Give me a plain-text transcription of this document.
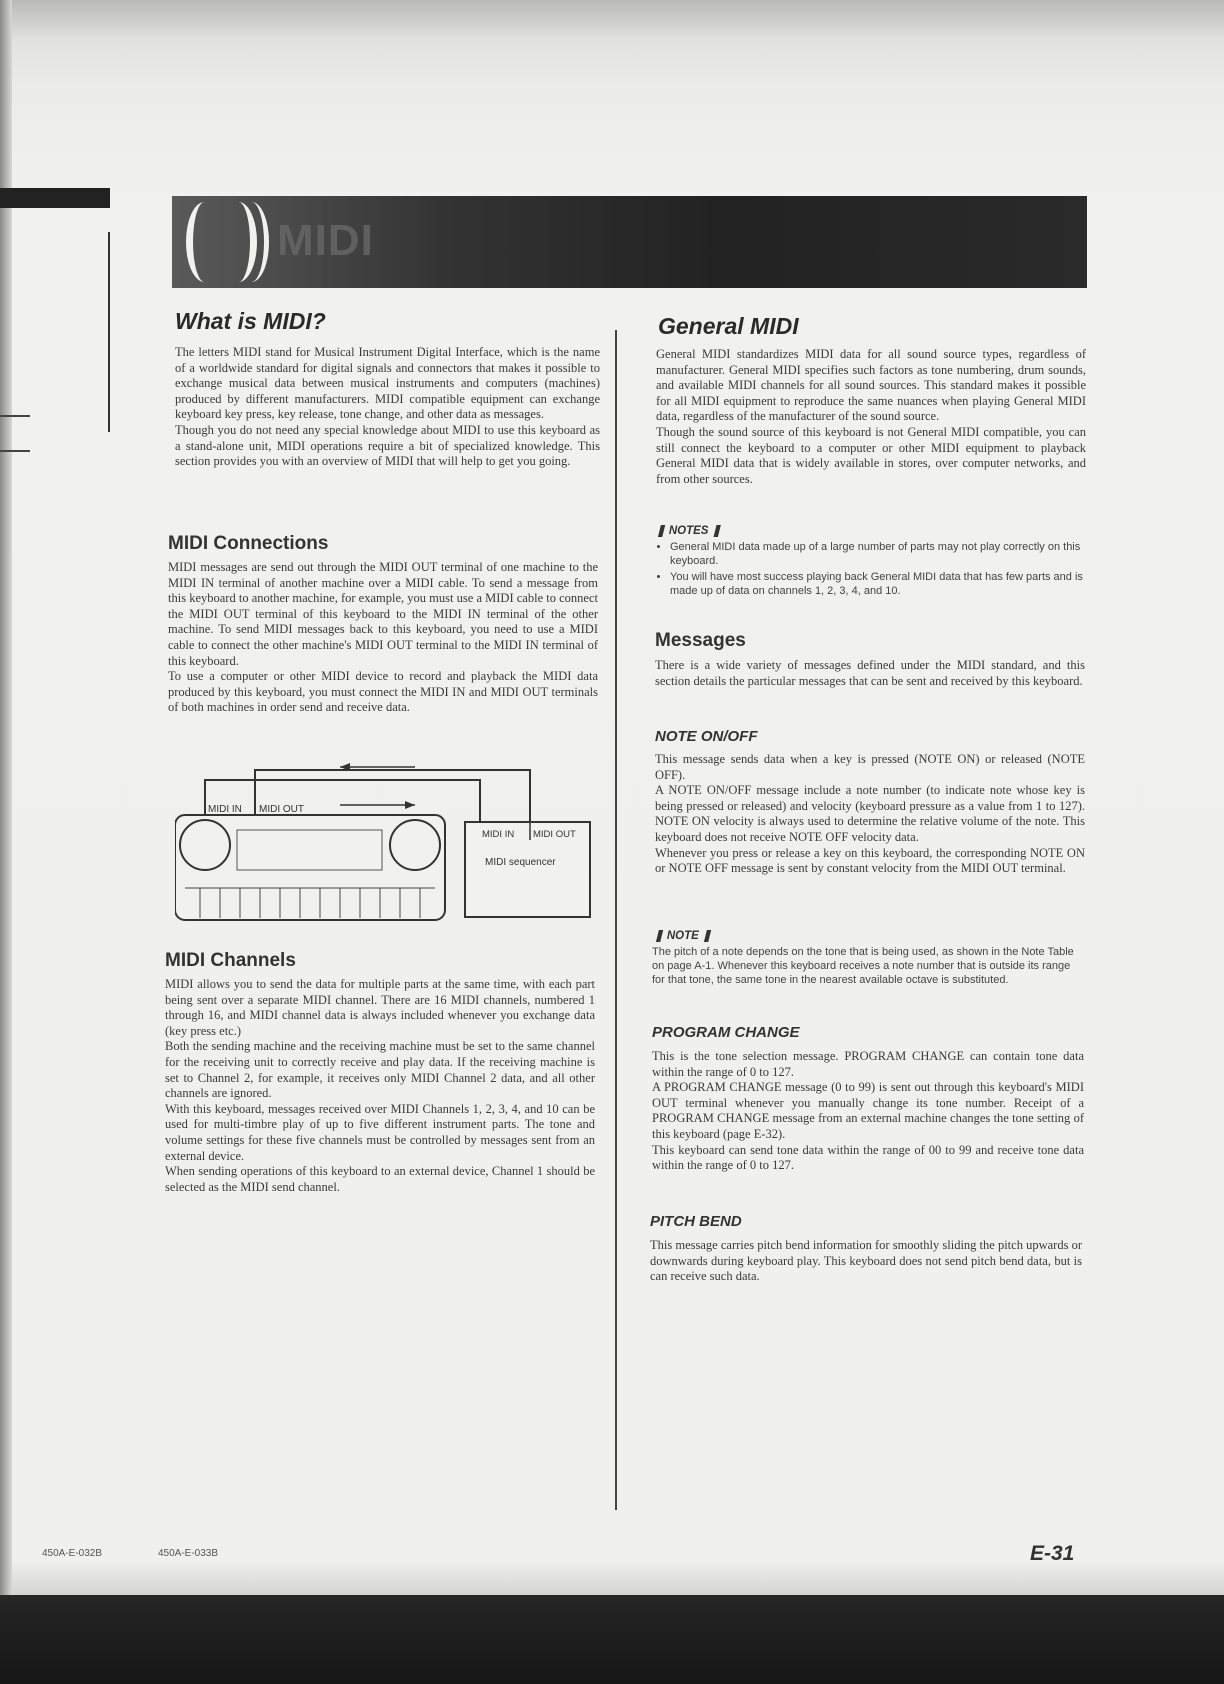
MIDI
What is MIDI?

The letters MIDI stand for Musical Instrument Digital Interface, which is the name of a worldwide standard for digital signals and connectors that makes it possible to exchange musical data between musical instruments and computers (machines) produced by different manufacturers. MIDI compatible equipment can exchange keyboard key press, key release, tone change, and other data as messages.

Though you do not need any special knowledge about MIDI to use this keyboard as a stand-alone unit, MIDI operations require a bit of specialized knowledge. This section provides you with an overview of MIDI that will help to get you going.

MIDI Connections

MIDI messages are send out through the MIDI OUT terminal of one machine to the MIDI IN terminal of another machine over a MIDI cable. To send a message from this keyboard to another machine, for example, you must use a MIDI cable to connect the MIDI OUT terminal of this keyboard to the MIDI IN terminal of the other machine. To send MIDI messages back to this keyboard, you need to use a MIDI cable to connect the other machine's MIDI OUT terminal to the MIDI IN terminal of this keyboard.

To use a computer or other MIDI device to record and playback the MIDI data produced by this keyboard, you must connect the MIDI IN and MIDI OUT terminals of both machines in order send and receive data.

MIDI IN MIDI OUT
MIDI IN MIDI OUT
MIDI sequencer
MIDI Channels

MIDI allows you to send the data for multiple parts at the same time, with each part being sent over a separate MIDI channel. There are 16 MIDI channels, numbered 1 through 16, and MIDI channel data is always included whenever you exchange data (key press etc.)

Both the sending machine and the receiving machine must be set to the same channel for the receiving unit to correctly receive and play data. If the receiving machine is set to Channel 2, for example, it receives only MIDI Channel 2 data, and all other channels are ignored.

With this keyboard, messages received over MIDI Channels 1, 2, 3, 4, and 10 can be used for multi-timbre play of up to five different instrument parts. The tone and volume settings for these five channels must be controlled by messages sent from an external device.

When sending operations of this keyboard to an external device, Channel 1 should be selected as the MIDI send channel.

General MIDI

General MIDI standardizes MIDI data for all sound source types, regardless of manufacturer. General MIDI specifies such factors as tone numbering, drum sounds, and available MIDI channels for all sound sources. This standard makes it possible for all MIDI equipment to reproduce the same nuances when playing General MIDI data, regardless of the manufacturer of the sound source.

Though the sound source of this keyboard is not General MIDI compatible, you can still connect the keyboard to a computer or other MIDI equipment to playback General MIDI data that is widely available in stores, over computer networks, and from other sources.

❚ NOTES ❚
• General MIDI data made up of a large number of parts may not play correctly on this keyboard.
• You will have most success playing back General MIDI data that has few parts and is made up of data on channels 1, 2, 3, 4, and 10.
Messages

There is a wide variety of messages defined under the MIDI standard, and this section details the particular messages that can be sent and received by this keyboard.

NOTE ON/OFF

This message sends data when a key is pressed (NOTE ON) or released (NOTE OFF).

A NOTE ON/OFF message include a note number (to indicate note whose key is being pressed or released) and velocity (keyboard pressure as a value from 1 to 127). NOTE ON velocity is always used to determine the relative volume of the note. This keyboard does not receive NOTE OFF velocity data.

Whenever you press or release a key on this keyboard, the corresponding NOTE ON or NOTE OFF message is sent by constant velocity from the MIDI OUT terminal.

❚ NOTE ❚

The pitch of a note depends on the tone that is being used, as shown in the Note Table on page A-1. Whenever this keyboard receives a note number that is outside its range for that tone, the same tone in the nearest available octave is substituted.

PROGRAM CHANGE

This is the tone selection message. PROGRAM CHANGE can contain tone data within the range of 0 to 127.

A PROGRAM CHANGE message (0 to 99) is sent out through this keyboard's MIDI OUT terminal whenever you manually change its tone number. Receipt of a PROGRAM CHANGE message from an external machine changes the tone setting of this keyboard (page E-32).

This keyboard can send tone data within the range of 00 to 99 and receive tone data within the range of 0 to 127.

PITCH BEND

This message carries pitch bend information for smoothly sliding the pitch upwards or downwards during keyboard play. This keyboard does not send pitch bend data, but is can receive such data.

450A-E-032B	450A-E-033B	E-31
